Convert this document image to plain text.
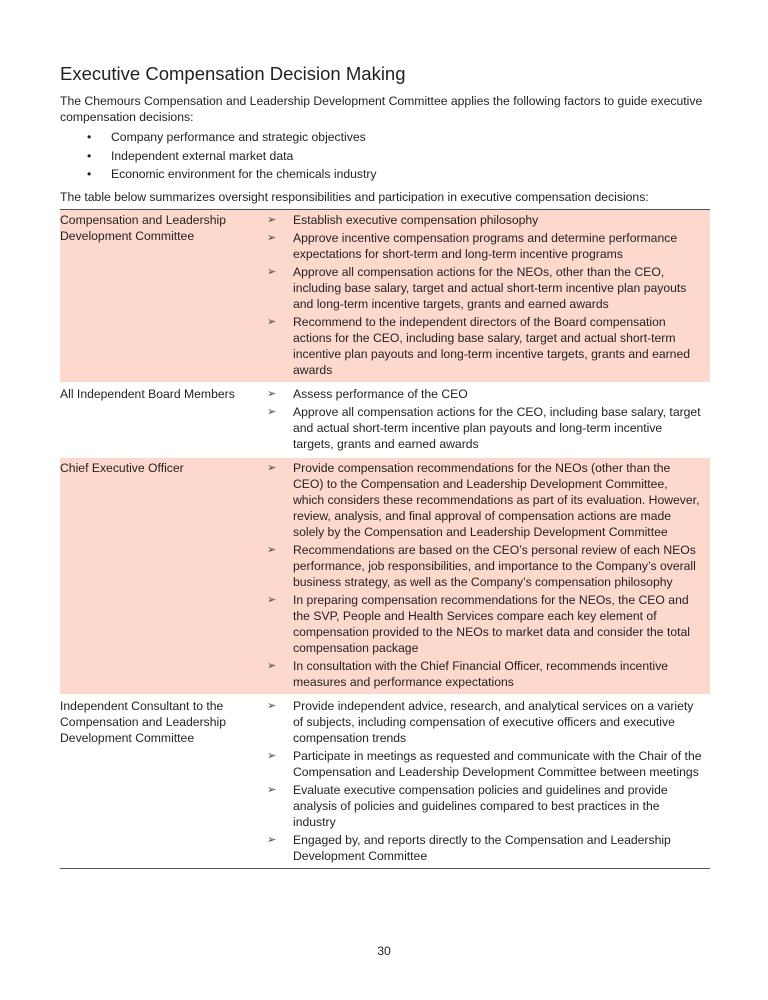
Executive Compensation Decision Making

The Chemours Compensation and Leadership Development Committee applies the following factors to guide executive compensation decisions:

• Company performance and strategic objectives
• Independent external market data
• Economic environment for the chemicals industry

The table below summarizes oversight responsibilities and participation in executive compensation decisions:

Compensation and Leadership Development Committee	
➢ Establish executive compensation philosophy
➢ Approve incentive compensation programs and determine performance expectations for short-term and long-term incentive programs
➢ Approve all compensation actions for the NEOs, other than the CEO, including base salary, target and actual short-term incentive plan payouts and long-term incentive targets, grants and earned awards
➢ Recommend to the independent directors of the Board compensation actions for the CEO, including base salary, target and actual short-term incentive plan payouts and long-term incentive targets, grants and earned awards

All Independent Board Members	➢ Assess performance of the CEO
➢ Approve all compensation actions for the CEO, including base salary, target and actual short-term incentive plan payouts and long-term incentive targets, grants and earned awards

Chief Executive Officer	➢ Provide compensation recommendations for the NEOs (other than the CEO) to the Compensation and Leadership Development Committee, which considers these recommendations as part of its evaluation. However, review, analysis, and final approval of compensation actions are made solely by the Compensation and Leadership Development Committee
➢ Recommendations are based on the CEO’s personal review of each NEOs performance, job responsibilities, and importance to the Company’s overall business strategy, as well as the Company’s compensation philosophy
➢ In preparing compensation recommendations for the NEOs, the CEO and the SVP, People and Health Services compare each key element of compensation provided to the NEOs to market data and consider the total compensation package
➢ In consultation with the Chief Financial Officer, recommends incentive measures and performance expectations

Independent Consultant to the Compensation and Leadership Development Committee	
➢ Provide independent advice, research, and analytical services on a variety of subjects, including compensation of executive officers and executive compensation trends
➢ Participate in meetings as requested and communicate with the Chair of the Compensation and Leadership Development Committee between meetings
➢ Evaluate executive compensation policies and guidelines and provide analysis of policies and guidelines compared to best practices in the industry
➢ Engaged by, and reports directly to the Compensation and Leadership Development Committee
30
